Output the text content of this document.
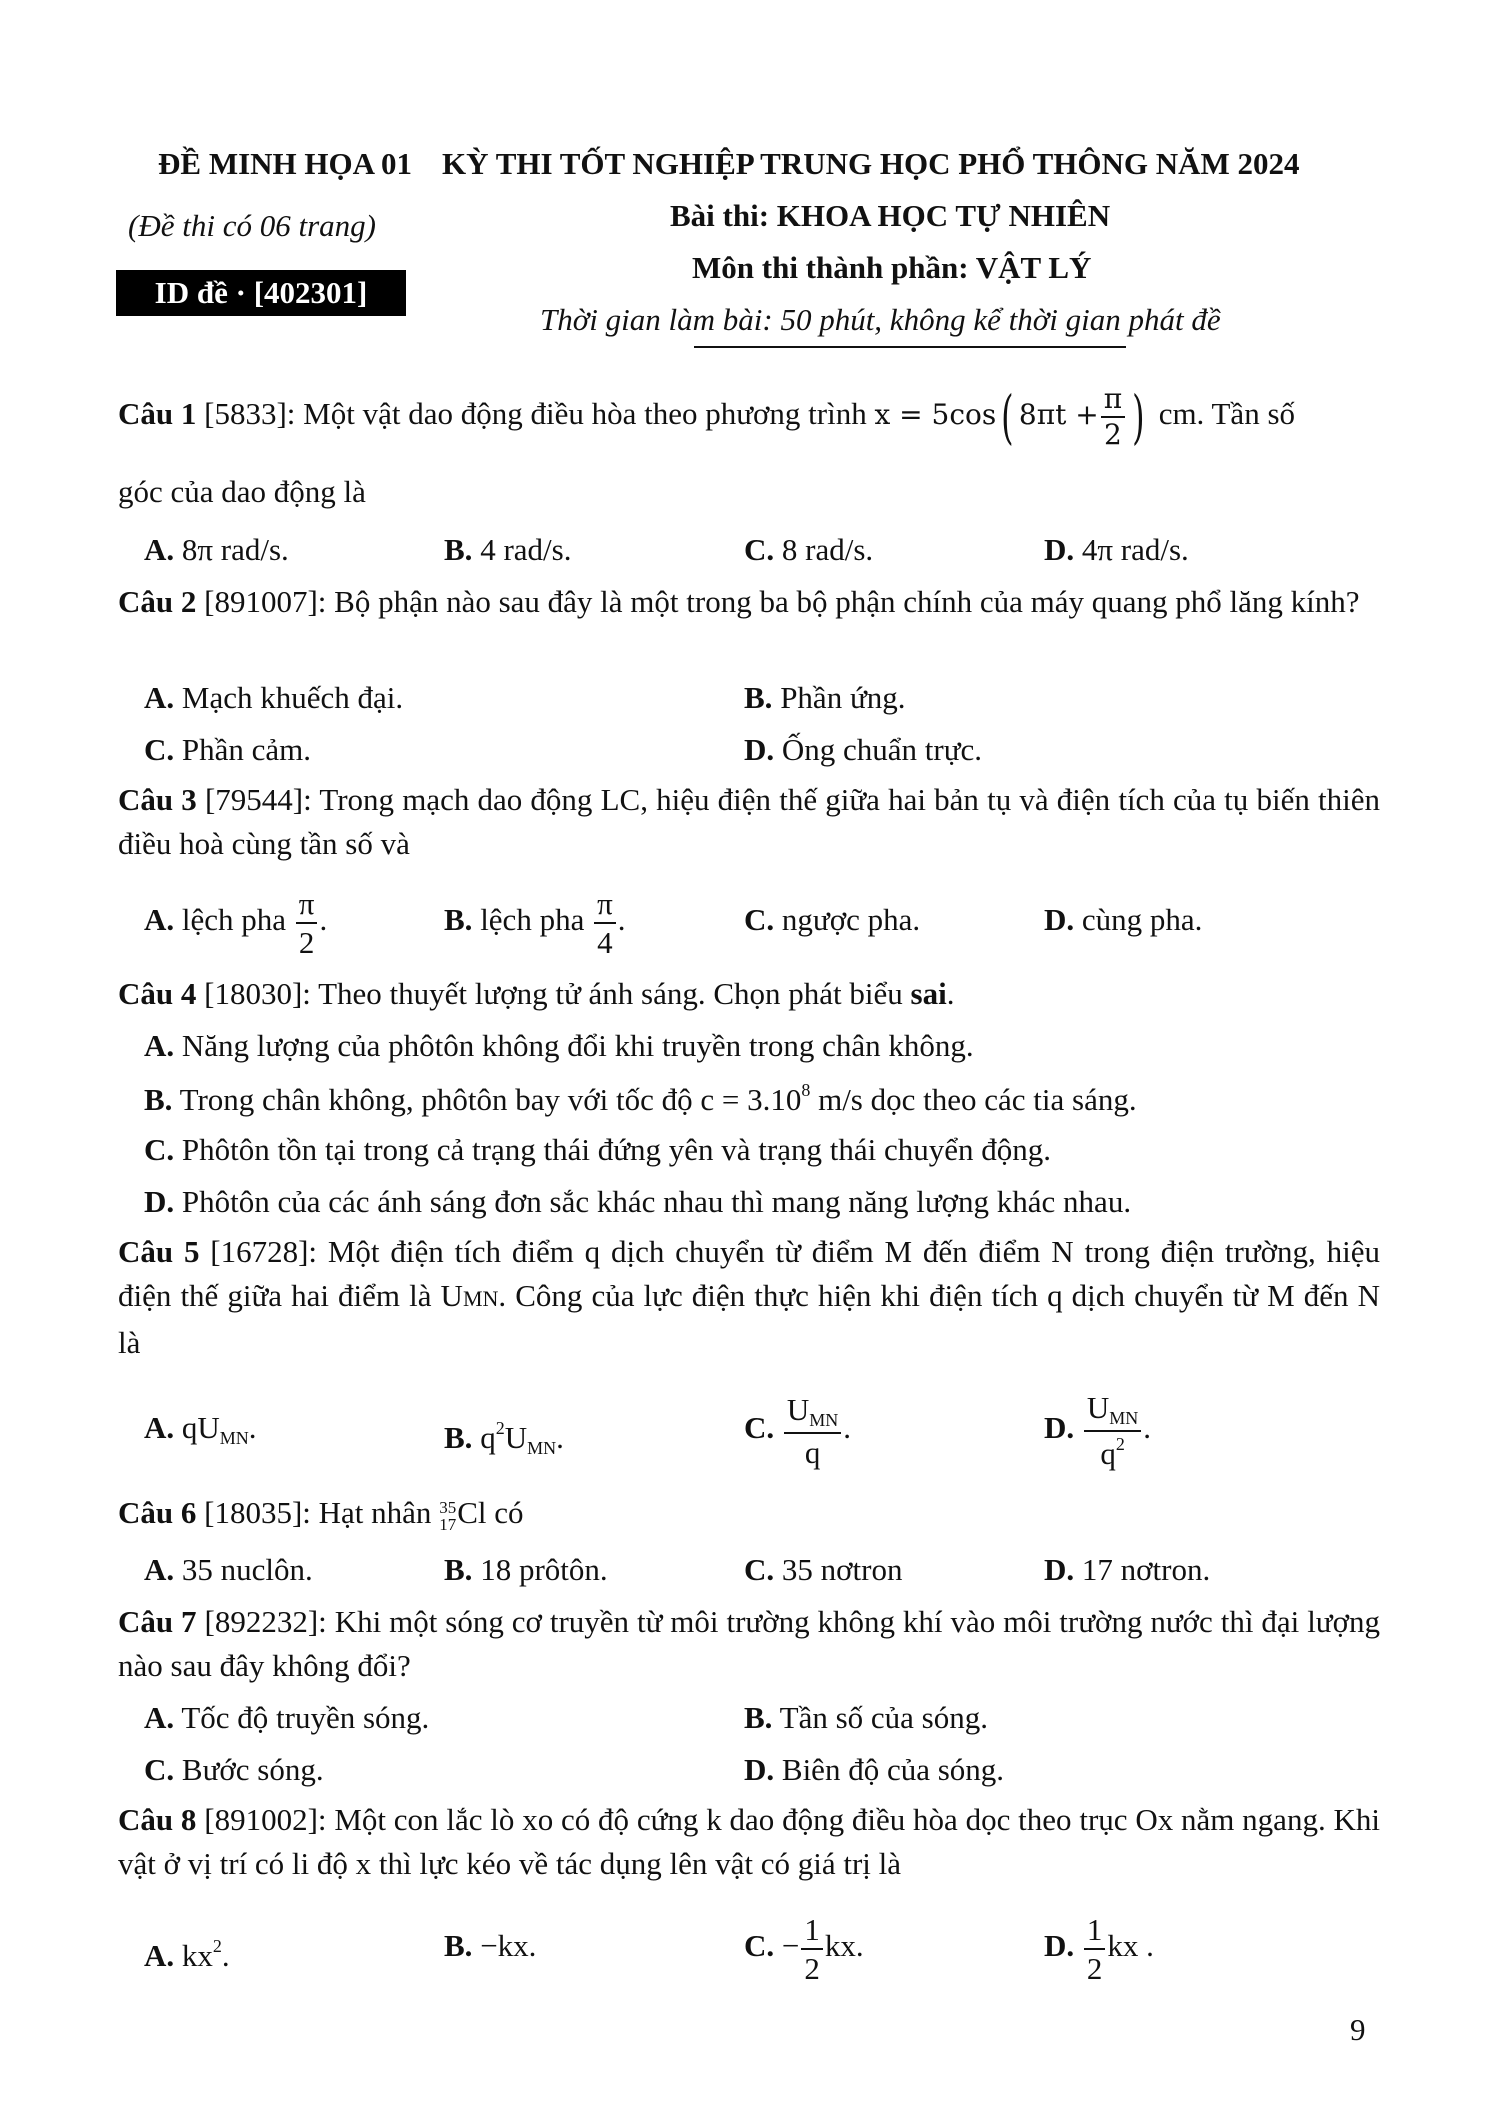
ĐỀ MINH HỌA 01
(Đề thi có 06 trang)
ID đề · [402301]
KỲ THI TỐT NGHIỆP TRUNG HỌC PHỔ THÔNG NĂM 2024
Bài thi: KHOA HỌC TỰ NHIÊN
Môn thi thành phần: VẬT LÝ
Thời gian làm bài: 50 phút, không kể thời gian phát đề
Câu 1 [5833]: Một vật dao động điều hòa theo phương trình x = 5cos( $8\pi t + \frac{\pi}{2}$ ) cm. Tần số
góc của dao động là
A. 8π rad/s.	B. 4 rad/s.	C. 8 rad/s.	D. 4π rad/s.
Câu 2 [891007]: Bộ phận nào sau đây là một trong ba bộ phận chính của máy quang phổ lăng kính?
A. Mạch khuếch đại.	B. Phần ứng.
C. Phần cảm.	D. Ống chuẩn trực.
Câu 3 [79544]: Trong mạch dao động LC, hiệu điện thế giữa hai bản tụ và điện tích của tụ biến thiên điều hoà cùng tần số và
A. lệch pha $\frac{\pi}{2}$ .	B. lệch pha $\frac{\pi}{4}$ .	C. ngược pha.	D. cùng pha.
Câu 4 [18030]: Theo thuyết lượng tử ánh sáng. Chọn phát biểu sai.
A. Năng lượng của phôtôn không đổi khi truyền trong chân không.
B. Trong chân không, phôtôn bay với tốc độ $c = 3.10^8$ m/s dọc theo các tia sáng.
C. Phôtôn tồn tại trong cả trạng thái đứng yên và trạng thái chuyển động.
D. Phôtôn của các ánh sáng đơn sắc khác nhau thì mang năng lượng khác nhau.
Câu 5 [16728]: Một điện tích điểm q dịch chuyển từ điểm M đến điểm N trong điện trường, hiệu điện thế giữa hai điểm là UMN. Công của lực điện thực hiện khi điện tích q dịch chuyển từ M đến N là
A. $qU_{MN}$.	B. $q^2U_{MN}$.	C. $\frac{U_{MN}}{q}$ .	D. $\frac{U_{MN}}{q^2}$ .
Câu 6 [18035]: Hạt nhân 35
17 Cl có
A. 35 nuclôn.	B. 18 prôtôn.	C. 35 nơtron	D. 17 nơtron.
Câu 7 [892232]: Khi một sóng cơ truyền từ môi trường không khí vào môi trường nước thì đại lượng nào sau đây không đổi?
A. Tốc độ truyền sóng.	B. Tần số của sóng.
C. Bước sóng.	D. Biên độ của sóng.
Câu 8 [891002]: Một con lắc lò xo có độ cứng k dao động điều hòa dọc theo trục Ox nằm ngang. Khi vật ở vị trí có li độ x thì lực kéo về tác dụng lên vật có giá trị là
A. $kx^2$.	B. −kx.	C. − $\frac{1}{2}$ kx.	D. $\frac{1}{2}$ kx .
9
